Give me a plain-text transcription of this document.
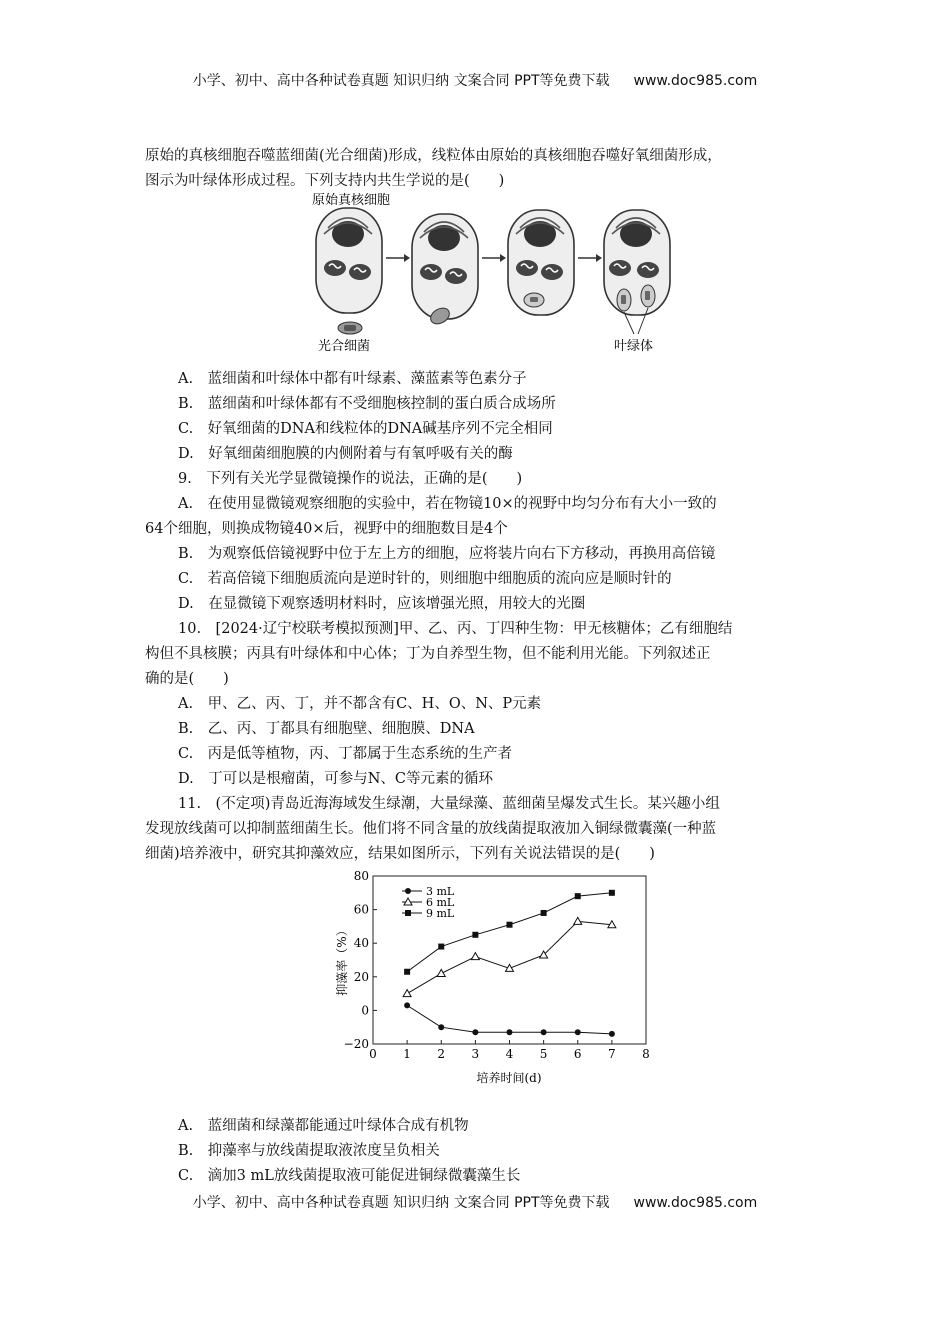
小学、初中、高中各种试卷真题 知识归纳 文案合同 PPT等免费下载 www.doc985.com
原始的真核细胞吞噬蓝细菌(光合细菌)形成，线粒体由原始的真核细胞吞噬好氧细菌形成，
图示为叶绿体形成过程。下列支持内共生学说的是(　　)
原始真核细胞
光合细菌	叶绿体
A.　蓝细菌和叶绿体中都有叶绿素、藻蓝素等色素分子
B.　蓝细菌和叶绿体都有不受细胞核控制的蛋白质合成场所
C.　好氧细菌的DNA和线粒体的DNA碱基序列不完全相同
D.　好氧细菌细胞膜的内侧附着与有氧呼吸有关的酶
9.　下列有关光学显微镜操作的说法，正确的是(　　)
A.　在使用显微镜观察细胞的实验中，若在物镜10×的视野中均匀分布有大小一致的
64个细胞，则换成物镜40×后，视野中的细胞数目是4个
B.　为观察低倍镜视野中位于左上方的细胞，应将装片向右下方移动，再换用高倍镜
C.　若高倍镜下细胞质流向是逆时针的，则细胞中细胞质的流向应是顺时针的
D.　在显微镜下观察透明材料时，应该增强光照，用较大的光圈
10.　[2024·辽宁校联考模拟预测]甲、乙、丙、丁四种生物：甲无核糖体；乙有细胞结
构但不具核膜；丙具有叶绿体和中心体；丁为自养型生物，但不能利用光能。下列叙述正
确的是(　　)
A.　甲、乙、丙、丁，并不都含有C、H、O、N、P元素
B.　乙、丙、丁都具有细胞壁、细胞膜、DNA
C.　丙是低等植物，丙、丁都属于生态系统的生产者
D.　丁可以是根瘤菌，可参与N、C等元素的循环
11.　(不定项)青岛近海海域发生绿潮，大量绿藻、蓝细菌呈爆发式生长。某兴趣小组
发现放线菌可以抑制蓝细菌生长。他们将不同含量的放线菌提取液加入铜绿微囊藻(一种蓝
细菌)培养液中，研究其抑藻效应，结果如图所示，下列有关说法错误的是(　　)
80
60
40
20
0
−20
0 1 2 3 4 5 6 7 8
3 mL
6 mL
9 mL
抑藻率（%）
培养时间(d)
A.　蓝细菌和绿藻都能通过叶绿体合成有机物
B.　抑藻率与放线菌提取液浓度呈负相关
C.　滴加3 mL放线菌提取液可能促进铜绿微囊藻生长
小学、初中、高中各种试卷真题 知识归纳 文案合同 PPT等免费下载 www.doc985.com
